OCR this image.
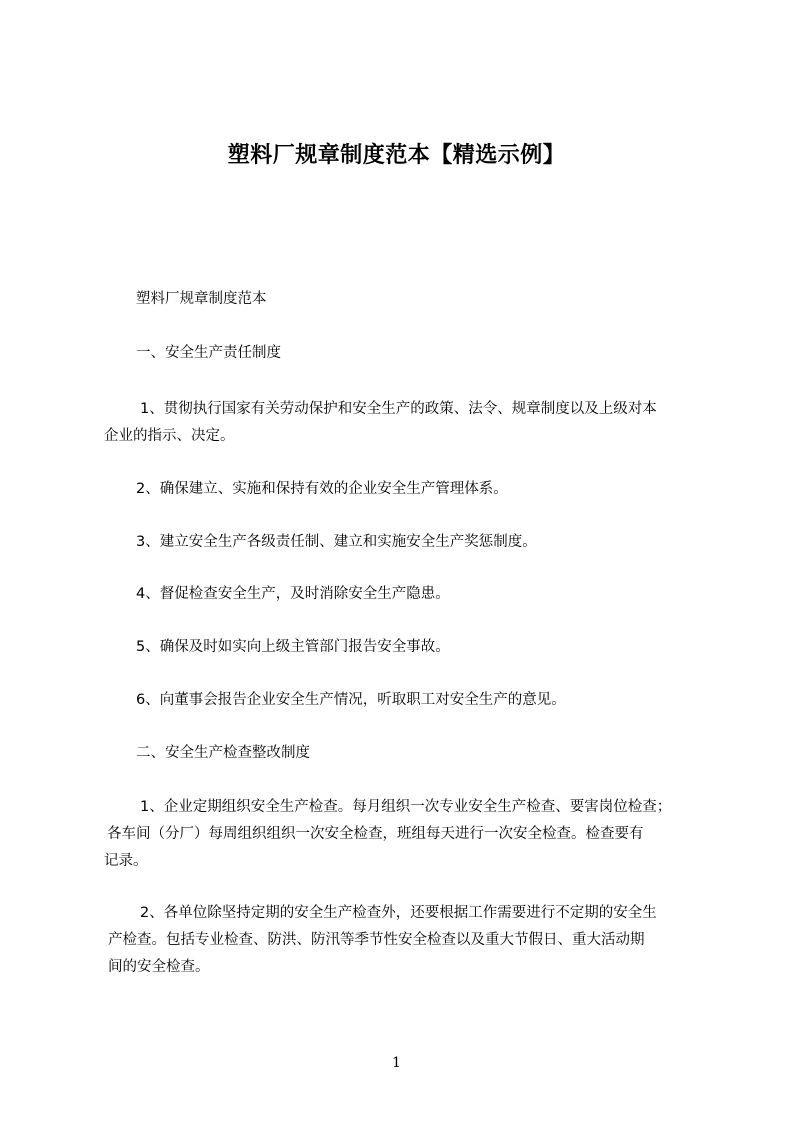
塑料厂规章制度范本【精选示例】
塑料厂规章制度范本
一、安全生产责任制度
1、贯彻执行国家有关劳动保护和安全生产的政策、法令、规章制度以及上级对本
企业的指示、决定。
2、确保建立、实施和保持有效的企业安全生产管理体系。
3、建立安全生产各级责任制、建立和实施安全生产奖惩制度。
4、督促检查安全生产，及时消除安全生产隐患。
5、确保及时如实向上级主管部门报告安全事故。
6、向董事会报告企业安全生产情况，听取职工对安全生产的意见。
二、安全生产检查整改制度
1、企业定期组织安全生产检查。每月组织一次专业安全生产检查、要害岗位检查；
各车间（分厂）每周组织组织一次安全检查，班组每天进行一次安全检查。检查要有
记录。
2、各单位除坚持定期的安全生产检查外，还要根据工作需要进行不定期的安全生
产检查。包括专业检查、防洪、防汛等季节性安全检查以及重大节假日、重大活动期
间的安全检查。
1
